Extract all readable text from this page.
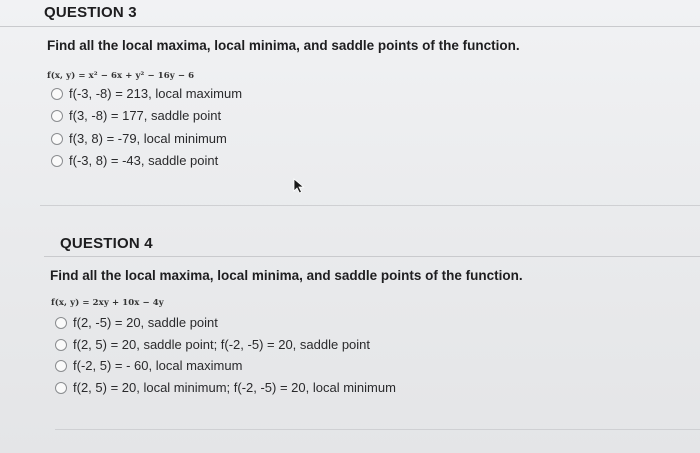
QUESTION 3
Find all the local maxima, local minima, and saddle points of the function.
f(x, y) = x² − 6x + y² − 16y − 6
f(-3, -8) = 213, local maximum
f(3, -8) = 177, saddle point
f(3, 8) = -79, local minimum
f(-3, 8) = -43, saddle point
QUESTION 4
Find all the local maxima, local minima, and saddle points of the function.
f(x, y) = 2xy + 10x − 4y
f(2, -5) = 20, saddle point
f(2, 5) = 20, saddle point; f(-2, -5) = 20, saddle point
f(-2, 5) = - 60, local maximum
f(2, 5) = 20, local minimum; f(-2, -5) = 20, local minimum
